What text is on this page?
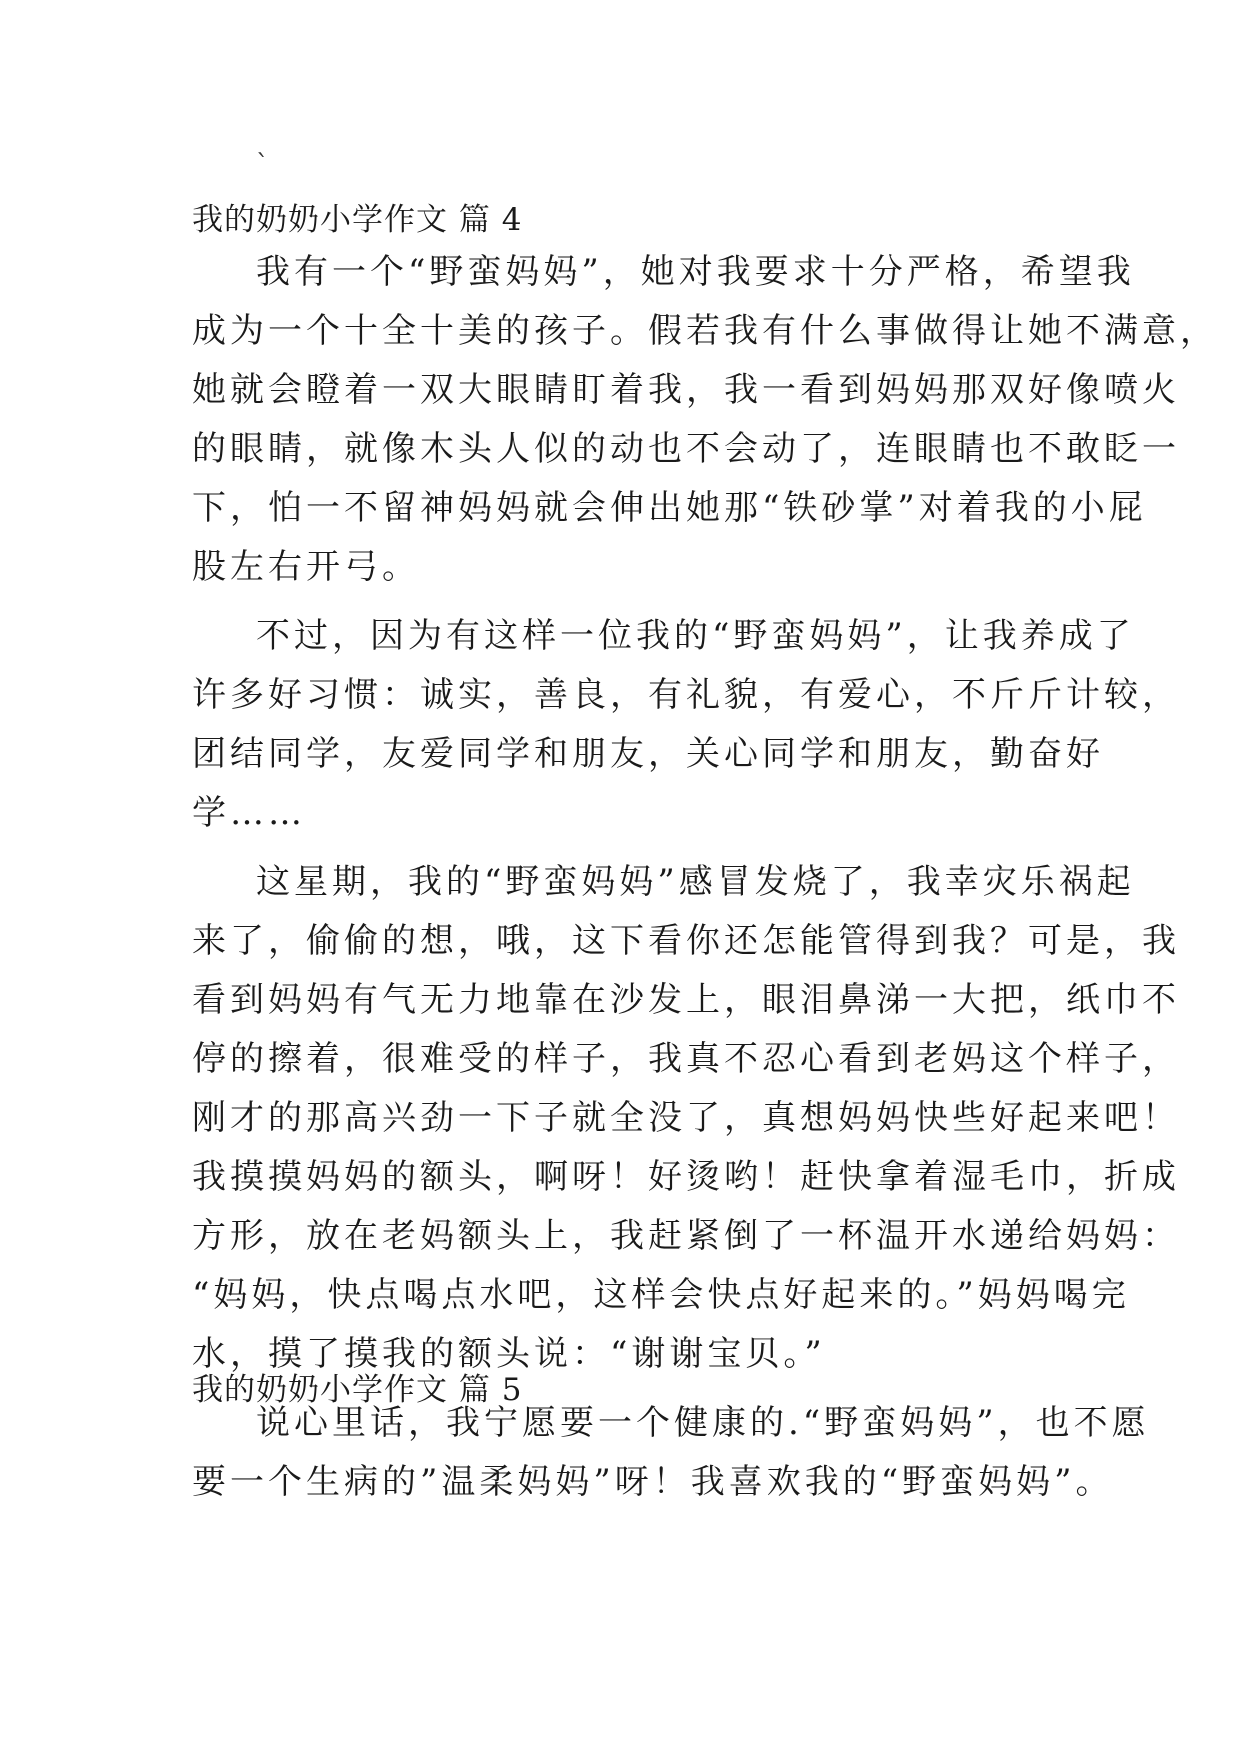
`
我的奶奶小学作文 篇 4
我有一个“野蛮妈妈”，她对我要求十分严格，希望我
成为一个十全十美的孩子。假若我有什么事做得让她不满意，
她就会瞪着一双大眼睛盯着我，我一看到妈妈那双好像喷火
的眼睛，就像木头人似的动也不会动了，连眼睛也不敢眨一
下，怕一不留神妈妈就会伸出她那“铁砂掌”对着我的小屁
股左右开弓。
不过，因为有这样一位我的“野蛮妈妈”，让我养成了
许多好习惯：诚实，善良，有礼貌，有爱心，不斤斤计较，
团结同学，友爱同学和朋友，关心同学和朋友，勤奋好
学……
这星期，我的“野蛮妈妈”感冒发烧了，我幸灾乐祸起
来了，偷偷的想，哦，这下看你还怎能管得到我？可是，我
看到妈妈有气无力地靠在沙发上，眼泪鼻涕一大把，纸巾不
停的擦着，很难受的样子，我真不忍心看到老妈这个样子，
刚才的那高兴劲一下子就全没了，真想妈妈快些好起来吧！
我摸摸妈妈的额头，啊呀！好烫哟！赶快拿着湿毛巾，折成
方形，放在老妈额头上，我赶紧倒了一杯温开水递给妈妈：
“妈妈，快点喝点水吧，这样会快点好起来的。”妈妈喝完
水，摸了摸我的额头说：“谢谢宝贝。”
说心里话，我宁愿要一个健康的.“野蛮妈妈”，也不愿
要一个生病的”温柔妈妈”呀！我喜欢我的“野蛮妈妈”。
我的奶奶小学作文 篇 5
